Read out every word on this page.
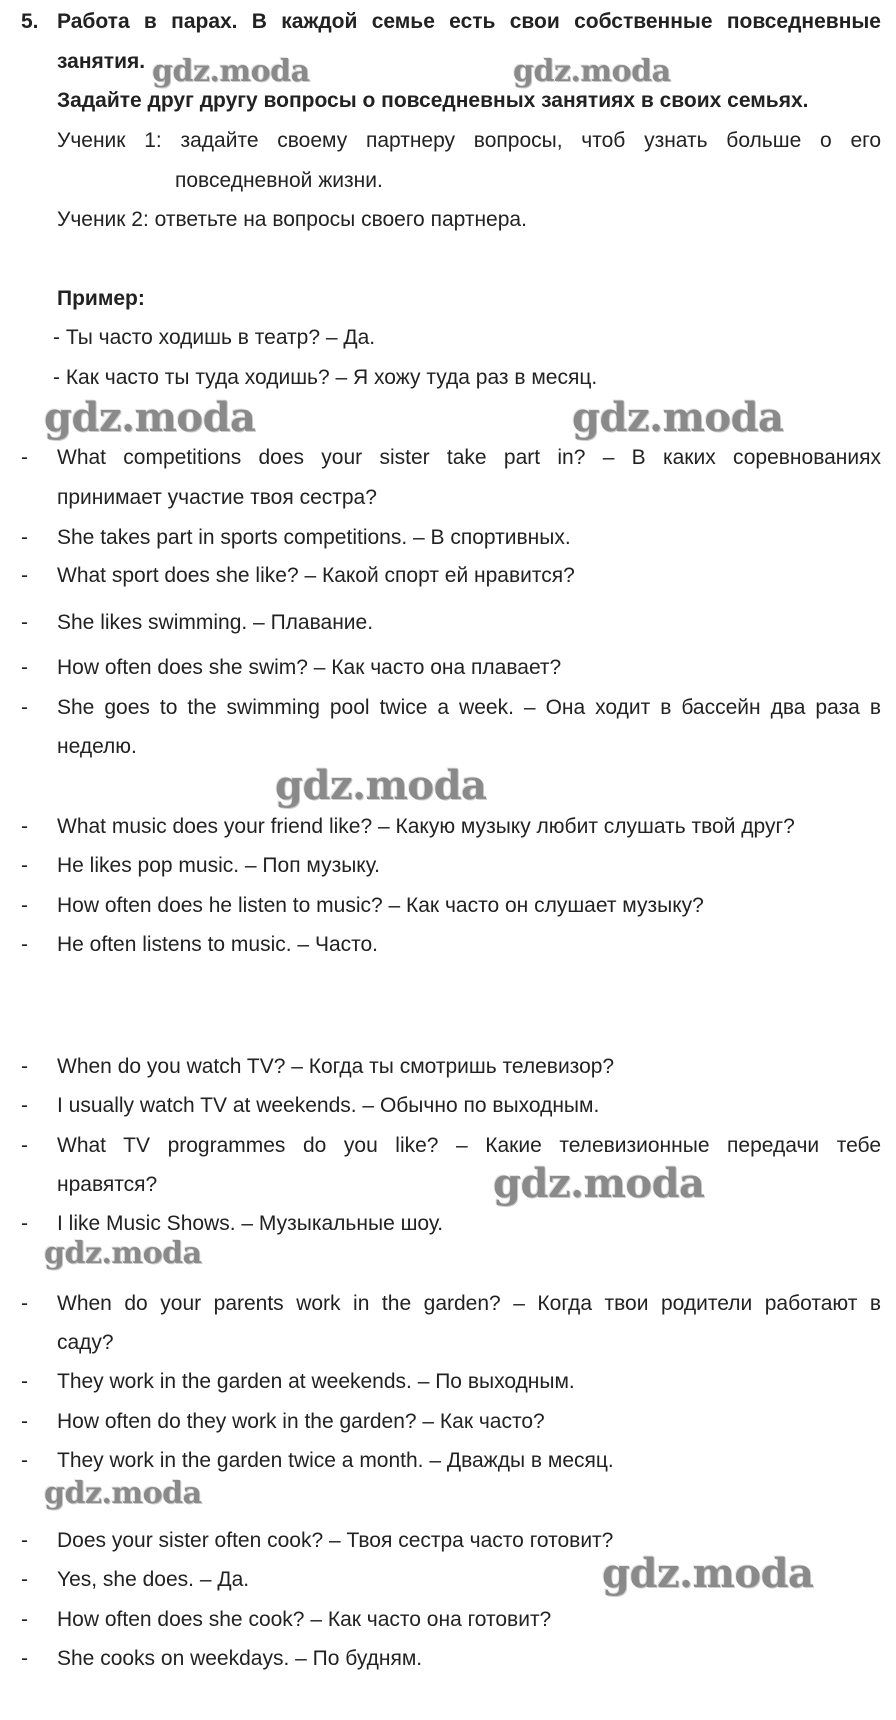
5. Работа в парах. В каждой семье есть свои собственные повседневные
занятия.
Задайте друг другу вопросы о повседневных занятиях в своих семьях.
Ученик 1: задайте своему партнеру вопросы, чтоб узнать больше о его
повседневной жизни.
Ученик 2: ответьте на вопросы своего партнера.
Пример:
- Ты часто ходишь в театр? – Да.
- Как часто ты туда ходишь? – Я хожу туда раз в месяц.
- What competitions does your sister take part in? – В каких соревнованиях
принимает участие твоя сестра?
- She takes part in sports competitions. – В спортивных.
- What sport does she like? – Какой спорт ей нравится?
- She likes swimming. – Плавание.
- How often does she swim? – Как часто она плавает?
- She goes to the swimming pool twice a week. – Она ходит в бассейн два раза в
неделю.
- What music does your friend like? – Какую музыку любит слушать твой друг?
- He likes pop music. – Поп музыку.
- How often does he listen to music? – Как часто он слушает музыку?
- He often listens to music. – Часто.
- When do you watch TV? – Когда ты смотришь телевизор?
- I usually watch TV at weekends. – Обычно по выходным.
- What TV programmes do you like? – Какие телевизионные передачи тебе
нравятся?
- I like Music Shows. – Музыкальные шоу.
- When do your parents work in the garden? – Когда твои родители работают в
саду?
- They work in the garden at weekends. – По выходным.
- How often do they work in the garden? – Как часто?
- They work in the garden twice a month. – Дважды в месяц.
- Does your sister often cook? – Твоя сестра часто готовит?
- Yes, she does. – Да.
- How often does she cook? – Как часто она готовит?
- She cooks on weekdays. – По будням.
gdz.moda	gdz.moda
gdz.moda	gdz.moda
gdz.moda
gdz.moda
gdz.moda
gdz.moda
gdz.moda
